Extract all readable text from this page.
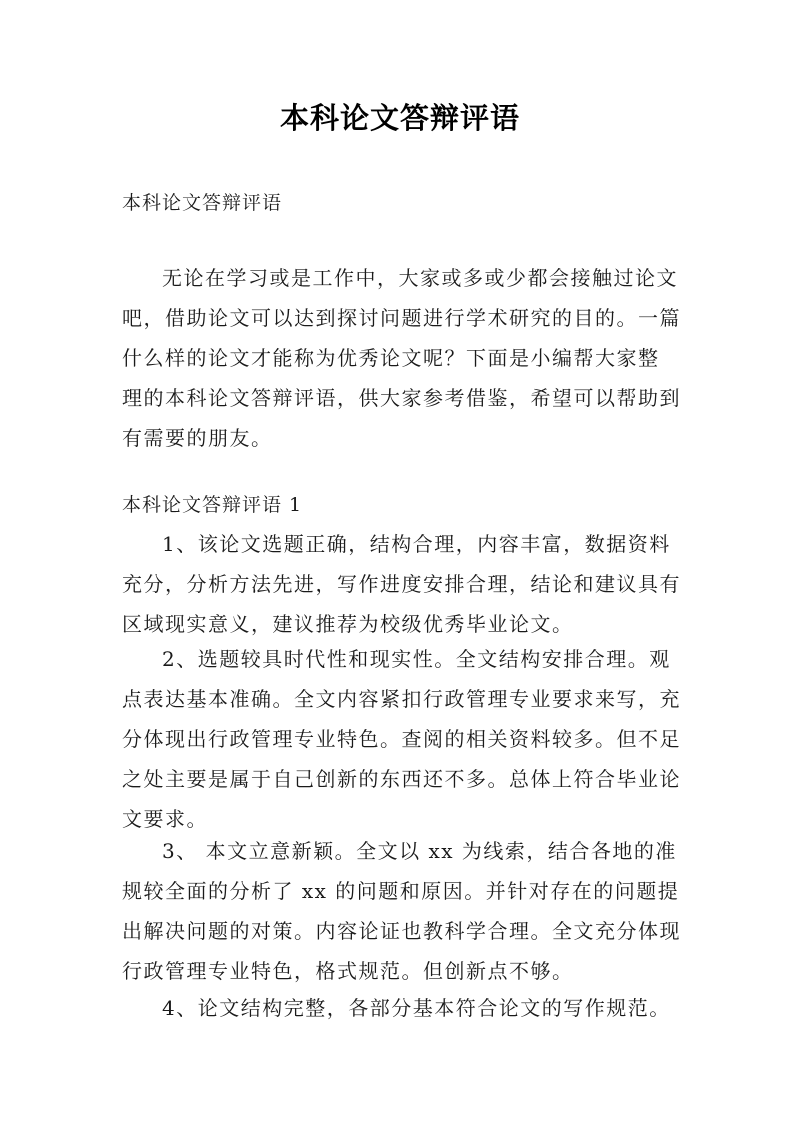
本科论文答辩评语

本科论文答辩评语

无论在学习或是工作中，大家或多或少都会接触过论文

吧，借助论文可以达到探讨问题进行学术研究的目的。一篇

什么样的论文才能称为优秀论文呢？下面是小编帮大家整

理的本科论文答辩评语，供大家参考借鉴，希望可以帮助到

有需要的朋友。

本科论文答辩评语 1

1、该论文选题正确，结构合理，内容丰富，数据资料

充分，分析方法先进，写作进度安排合理，结论和建议具有

区域现实意义，建议推荐为校级优秀毕业论文。

2、选题较具时代性和现实性。全文结构安排合理。观

点表达基本准确。全文内容紧扣行政管理专业要求来写，充

分体现出行政管理专业特色。查阅的相关资料较多。但不足

之处主要是属于自己创新的东西还不多。总体上符合毕业论

文要求。

3、 本文立意新颖。全文以 xx 为线索，结合各地的准

规较全面的分析了 xx 的问题和原因。并针对存在的问题提

出解决问题的对策。内容论证也教科学合理。全文充分体现

行政管理专业特色，格式规范。但创新点不够。

4、论文结构完整，各部分基本符合论文的写作规范。
